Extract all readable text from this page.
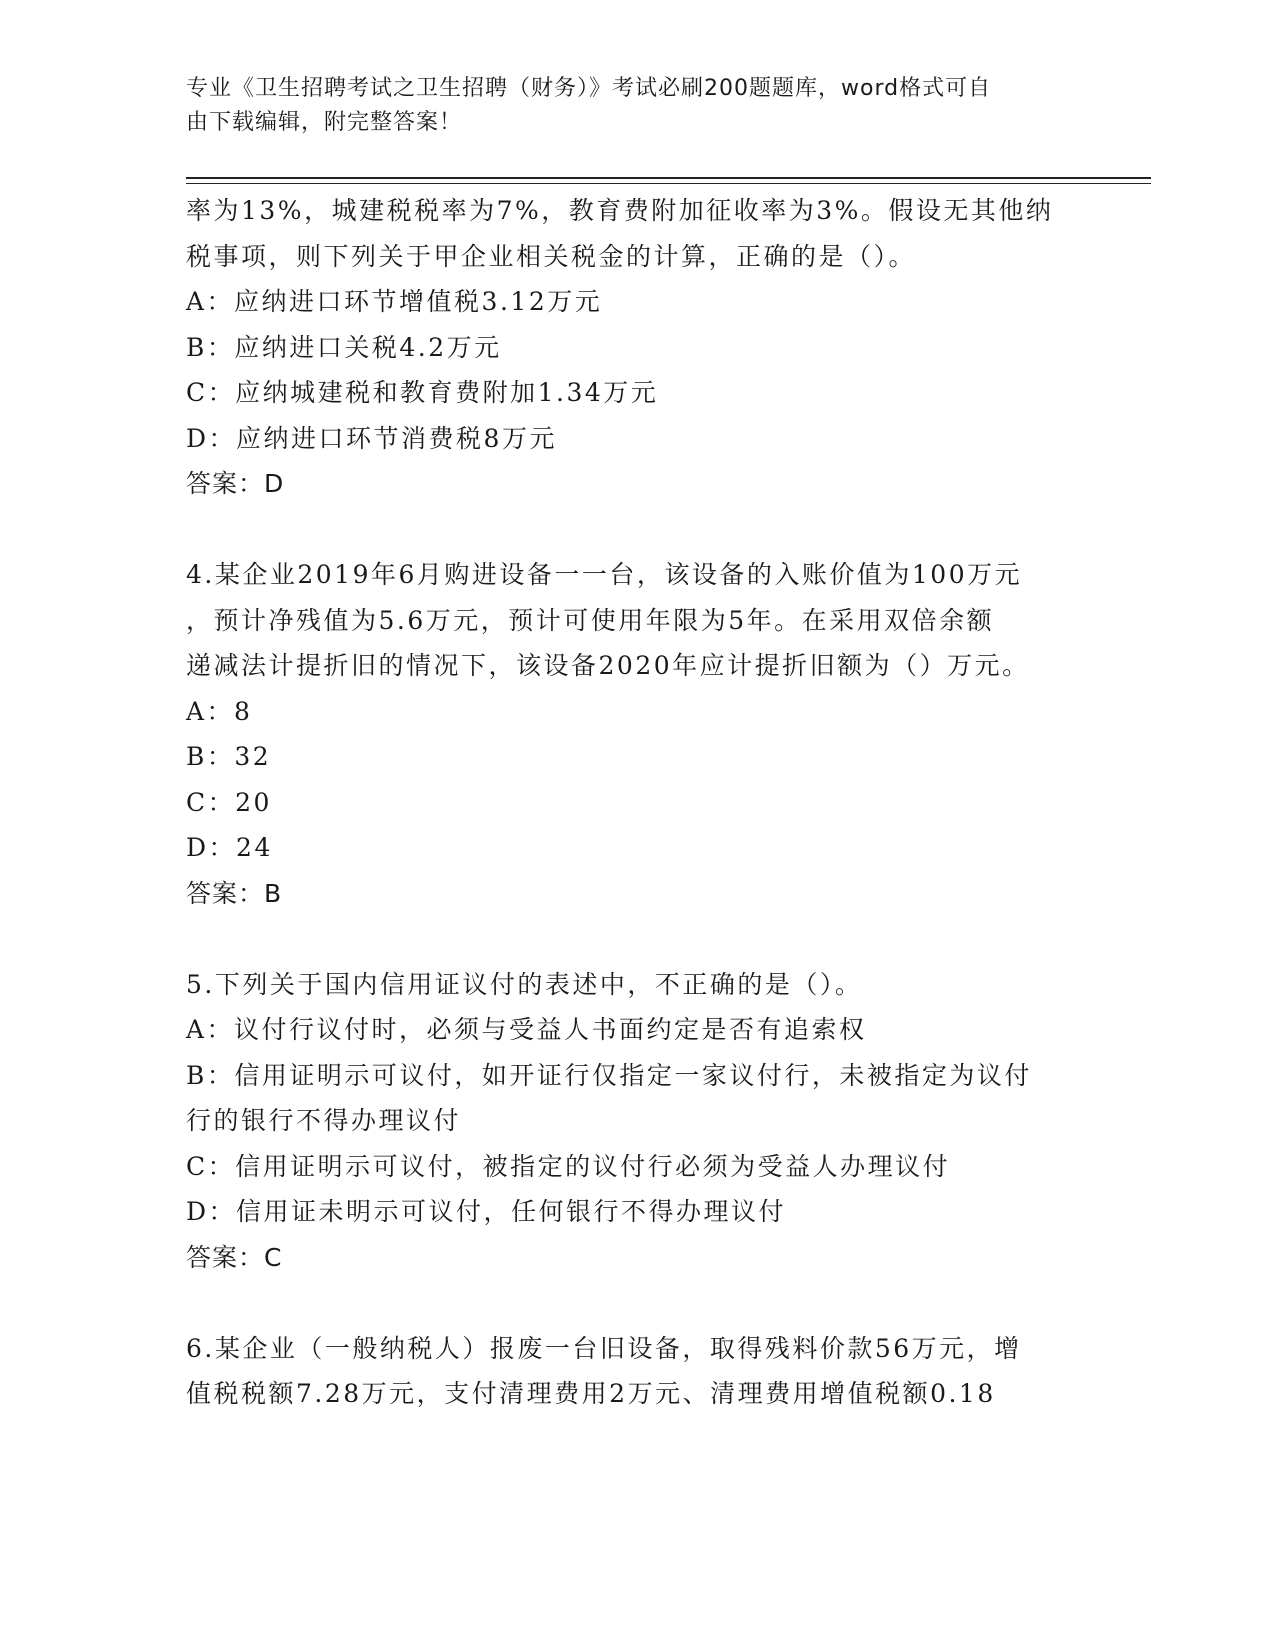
专业《卫生招聘考试之卫生招聘（财务）》考试必刷200题题库，word格式可自
由下载编辑，附完整答案！
率为13%，城建税税率为7%，教育费附加征收率为3%。假设无其他纳
税事项，则下列关于甲企业相关税金的计算，正确的是（）。
A：应纳进口环节增值税3.12万元
B：应纳进口关税4.2万元
C：应纳城建税和教育费附加1.34万元
D：应纳进口环节消费税8万元
答案：D
4.某企业2019年6月购进设备一一台，该设备的入账价值为100万元
，预计净残值为5.6万元，预计可使用年限为5年。在采用双倍余额
递减法计提折旧的情况下，该设备2020年应计提折旧额为（）万元。
A：8
B：32
C：20
D：24
答案：B
5.下列关于国内信用证议付的表述中，不正确的是（）。
A：议付行议付时，必须与受益人书面约定是否有追索权
B：信用证明示可议付，如开证行仅指定一家议付行，未被指定为议付
行的银行不得办理议付
C：信用证明示可议付，被指定的议付行必须为受益人办理议付
D：信用证未明示可议付，任何银行不得办理议付
答案：C
6.某企业（一般纳税人）报废一台旧设备，取得残料价款56万元，增
值税税额7.28万元，支付清理费用2万元、清理费用增值税额0.18
